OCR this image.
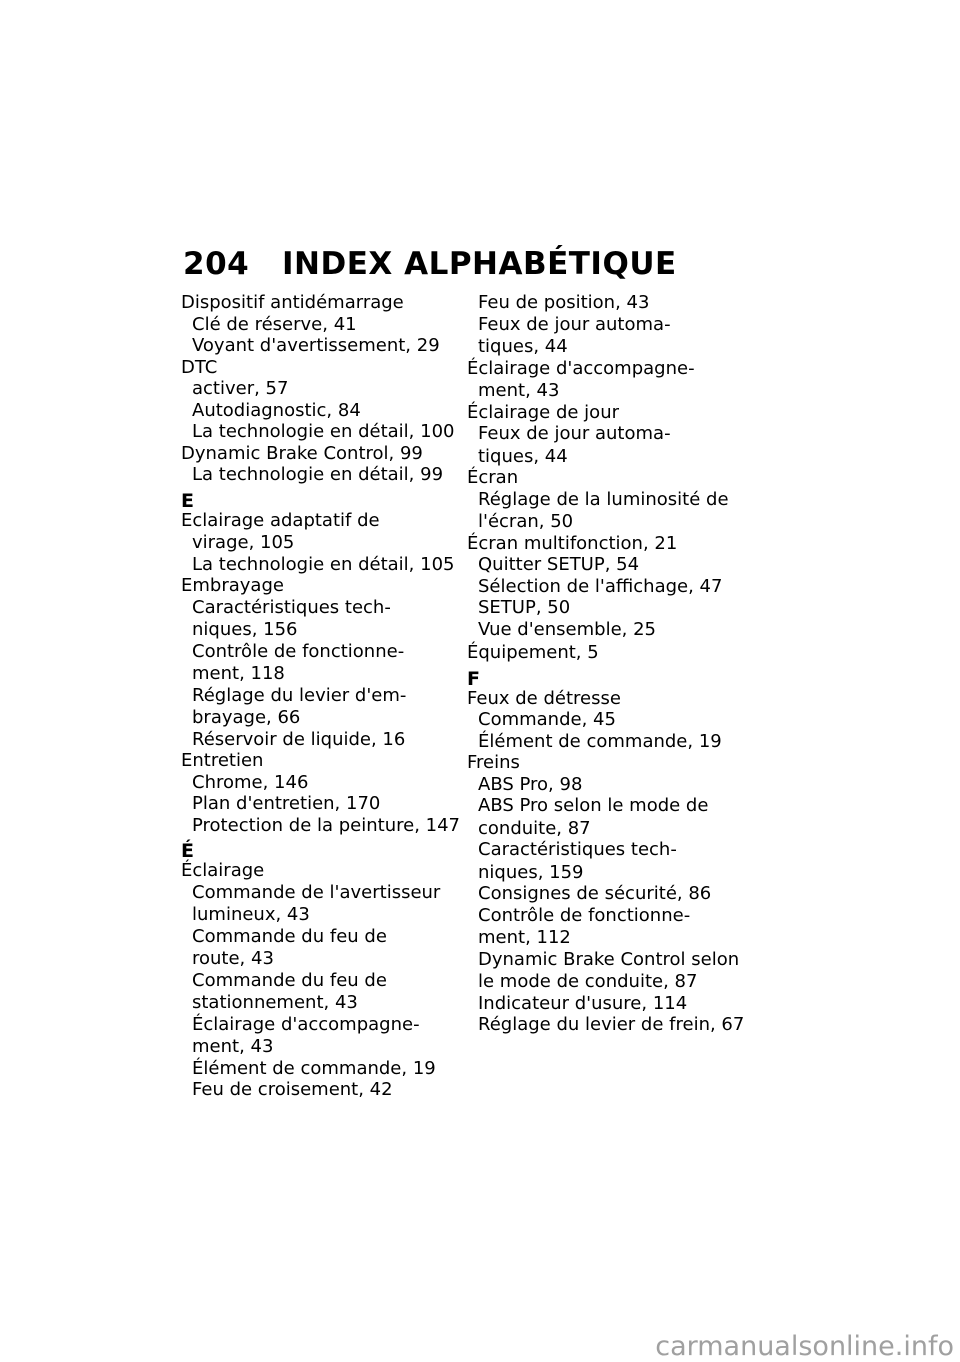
204 INDEX ALPHABÉTIQUE
Dispositif antidémarrage
Clé de réserve, 41
Voyant d'avertissement, 29
DTC
activer, 57
Autodiagnostic, 84
La technologie en détail, 100
Dynamic Brake Control, 99
La technologie en détail, 99
E
Eclairage adaptatif de
virage, 105
La technologie en détail, 105
Embrayage
Caractéristiques tech-
niques, 156
Contrôle de fonctionne-
ment, 118
Réglage du levier d'em-
brayage, 66
Réservoir de liquide, 16
Entretien
Chrome, 146
Plan d'entretien, 170
Protection de la peinture, 147
É
Éclairage
Commande de l'avertisseur
lumineux, 43
Commande du feu de
route, 43
Commande du feu de
stationnement, 43
Éclairage d'accompagne-
ment, 43
Élément de commande, 19
Feu de croisement, 42
Feu de position, 43
Feux de jour automa-
tiques, 44
Éclairage d'accompagne-
ment, 43
Éclairage de jour
Feux de jour automa-
tiques, 44
Écran
Réglage de la luminosité de
l'écran, 50
Écran multifonction, 21
Quitter SETUP, 54
Sélection de l'affichage, 47
SETUP, 50
Vue d'ensemble, 25
Équipement, 5
F
Feux de détresse
Commande, 45
Élément de commande, 19
Freins
ABS Pro, 98
ABS Pro selon le mode de
conduite, 87
Caractéristiques tech-
niques, 159
Consignes de sécurité, 86
Contrôle de fonctionne-
ment, 112
Dynamic Brake Control selon
le mode de conduite, 87
Indicateur d'usure, 114
Réglage du levier de frein, 67
carmanualsonline.info
